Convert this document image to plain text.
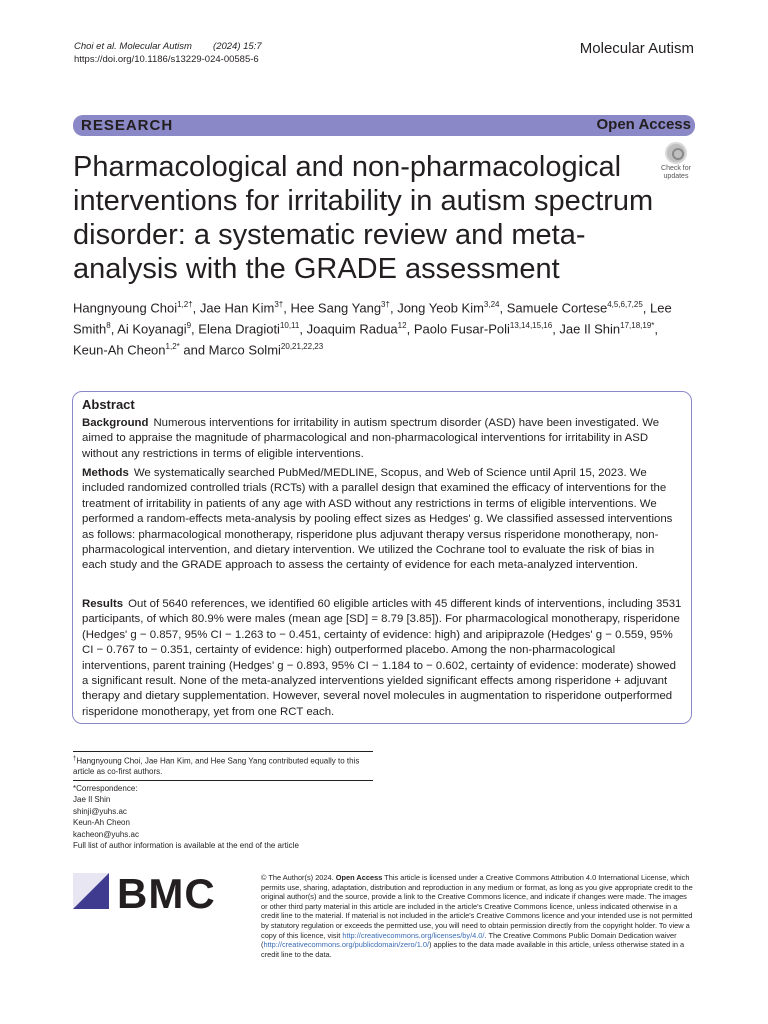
Choi et al. Molecular Autism (2024) 15:7
https://doi.org/10.1186/s13229-024-00585-6
Molecular Autism
RESEARCH	Open Access
Pharmacological and non-pharmacological interventions for irritability in autism spectrum disorder: a systematic review and meta-analysis with the GRADE assessment
Check for
updates
Hangnyoung Choi$^{1,2\dagger}$, Jae Han Kim$^{3\dagger}$, Hee Sang Yang$^{3\dagger}$, Jong Yeob Kim$^{3,24}$, Samuele Cortese$^{4,5,6,7,25}$, Lee Smith$^8$, Ai Koyanagi$^9$, Elena Dragioti$^{10,11}$, Joaquim Radua$^{12}$, Paolo Fusar-Poli$^{13,14,15,16}$, Jae Il Shin$^{17,18,19*}$, Keun-Ah Cheon$^{1,2*}$ and Marco Solmi$^{20,21,22,23}$
Abstract

Background Numerous interventions for irritability in autism spectrum disorder (ASD) have been investigated. We aimed to appraise the magnitude of pharmacological and non-pharmacological interventions for irritability in ASD without any restrictions in terms of eligible interventions.

Methods We systematically searched PubMed/MEDLINE, Scopus, and Web of Science until April 15, 2023. We included randomized controlled trials (RCTs) with a parallel design that examined the efficacy of interventions for the treatment of irritability in patients of any age with ASD without any restrictions in terms of eligible interventions. We performed a random-effects meta-analysis by pooling effect sizes as Hedges' g. We classified assessed interventions as follows: pharmacological monotherapy, risperidone plus adjuvant therapy versus risperidone monotherapy, non-pharmacological intervention, and dietary intervention. We utilized the Cochrane tool to evaluate the risk of bias in each study and the GRADE approach to assess the certainty of evidence for each meta-analyzed intervention.

Results Out of 5640 references, we identified 60 eligible articles with 45 different kinds of interventions, including 3531 participants, of which 80.9% were males (mean age [SD] = 8.79 [3.85]). For pharmacological monotherapy, risperidone (Hedges' g − 0.857, 95% CI − 1.263 to − 0.451, certainty of evidence: high) and aripiprazole (Hedges' g − 0.559, 95% CI − 0.767 to − 0.351, certainty of evidence: high) outperformed placebo. Among the non-pharmacological interventions, parent training (Hedges' g − 0.893, 95% CI − 1.184 to − 0.602, certainty of evidence: moderate) showed a significant result. None of the meta-analyzed interventions yielded significant effects among risperidone + adjuvant therapy and dietary supplementation. However, several novel molecules in augmentation to risperidone outperformed risperidone monotherapy, yet from one RCT each.

†Hangnyoung Choi, Jae Han Kim, and Hee Sang Yang contributed equally to this article as co-first authors.
*Correspondence:
Jae Il Shin
shinji@yuhs.ac
Keun-Ah Cheon
kacheon@yuhs.ac
Full list of author information is available at the end of the article
BMC	© The Author(s) 2024. Open Access This article is licensed under a Creative Commons Attribution 4.0 International License, which permits use, sharing, adaptation, distribution and reproduction in any medium or format, as long as you give appropriate credit to the original author(s) and the source, provide a link to the Creative Commons licence, and indicate if changes were made. The images or other third party material in this article are included in the article's Creative Commons licence, unless indicated otherwise in a credit line to the material. If material is not included in the article's Creative Commons licence and your intended use is not permitted by statutory regulation or exceeds the permitted use, you will need to obtain permission directly from the copyright holder. To view a copy of this licence, visit http://creativecommons.org/licenses/by/4.0/. The Creative Commons Public Domain Dedication waiver (http://creativecommons.org/publicdomain/zero/1.0/) applies to the data made available in this article, unless otherwise stated in a credit line to the data.
